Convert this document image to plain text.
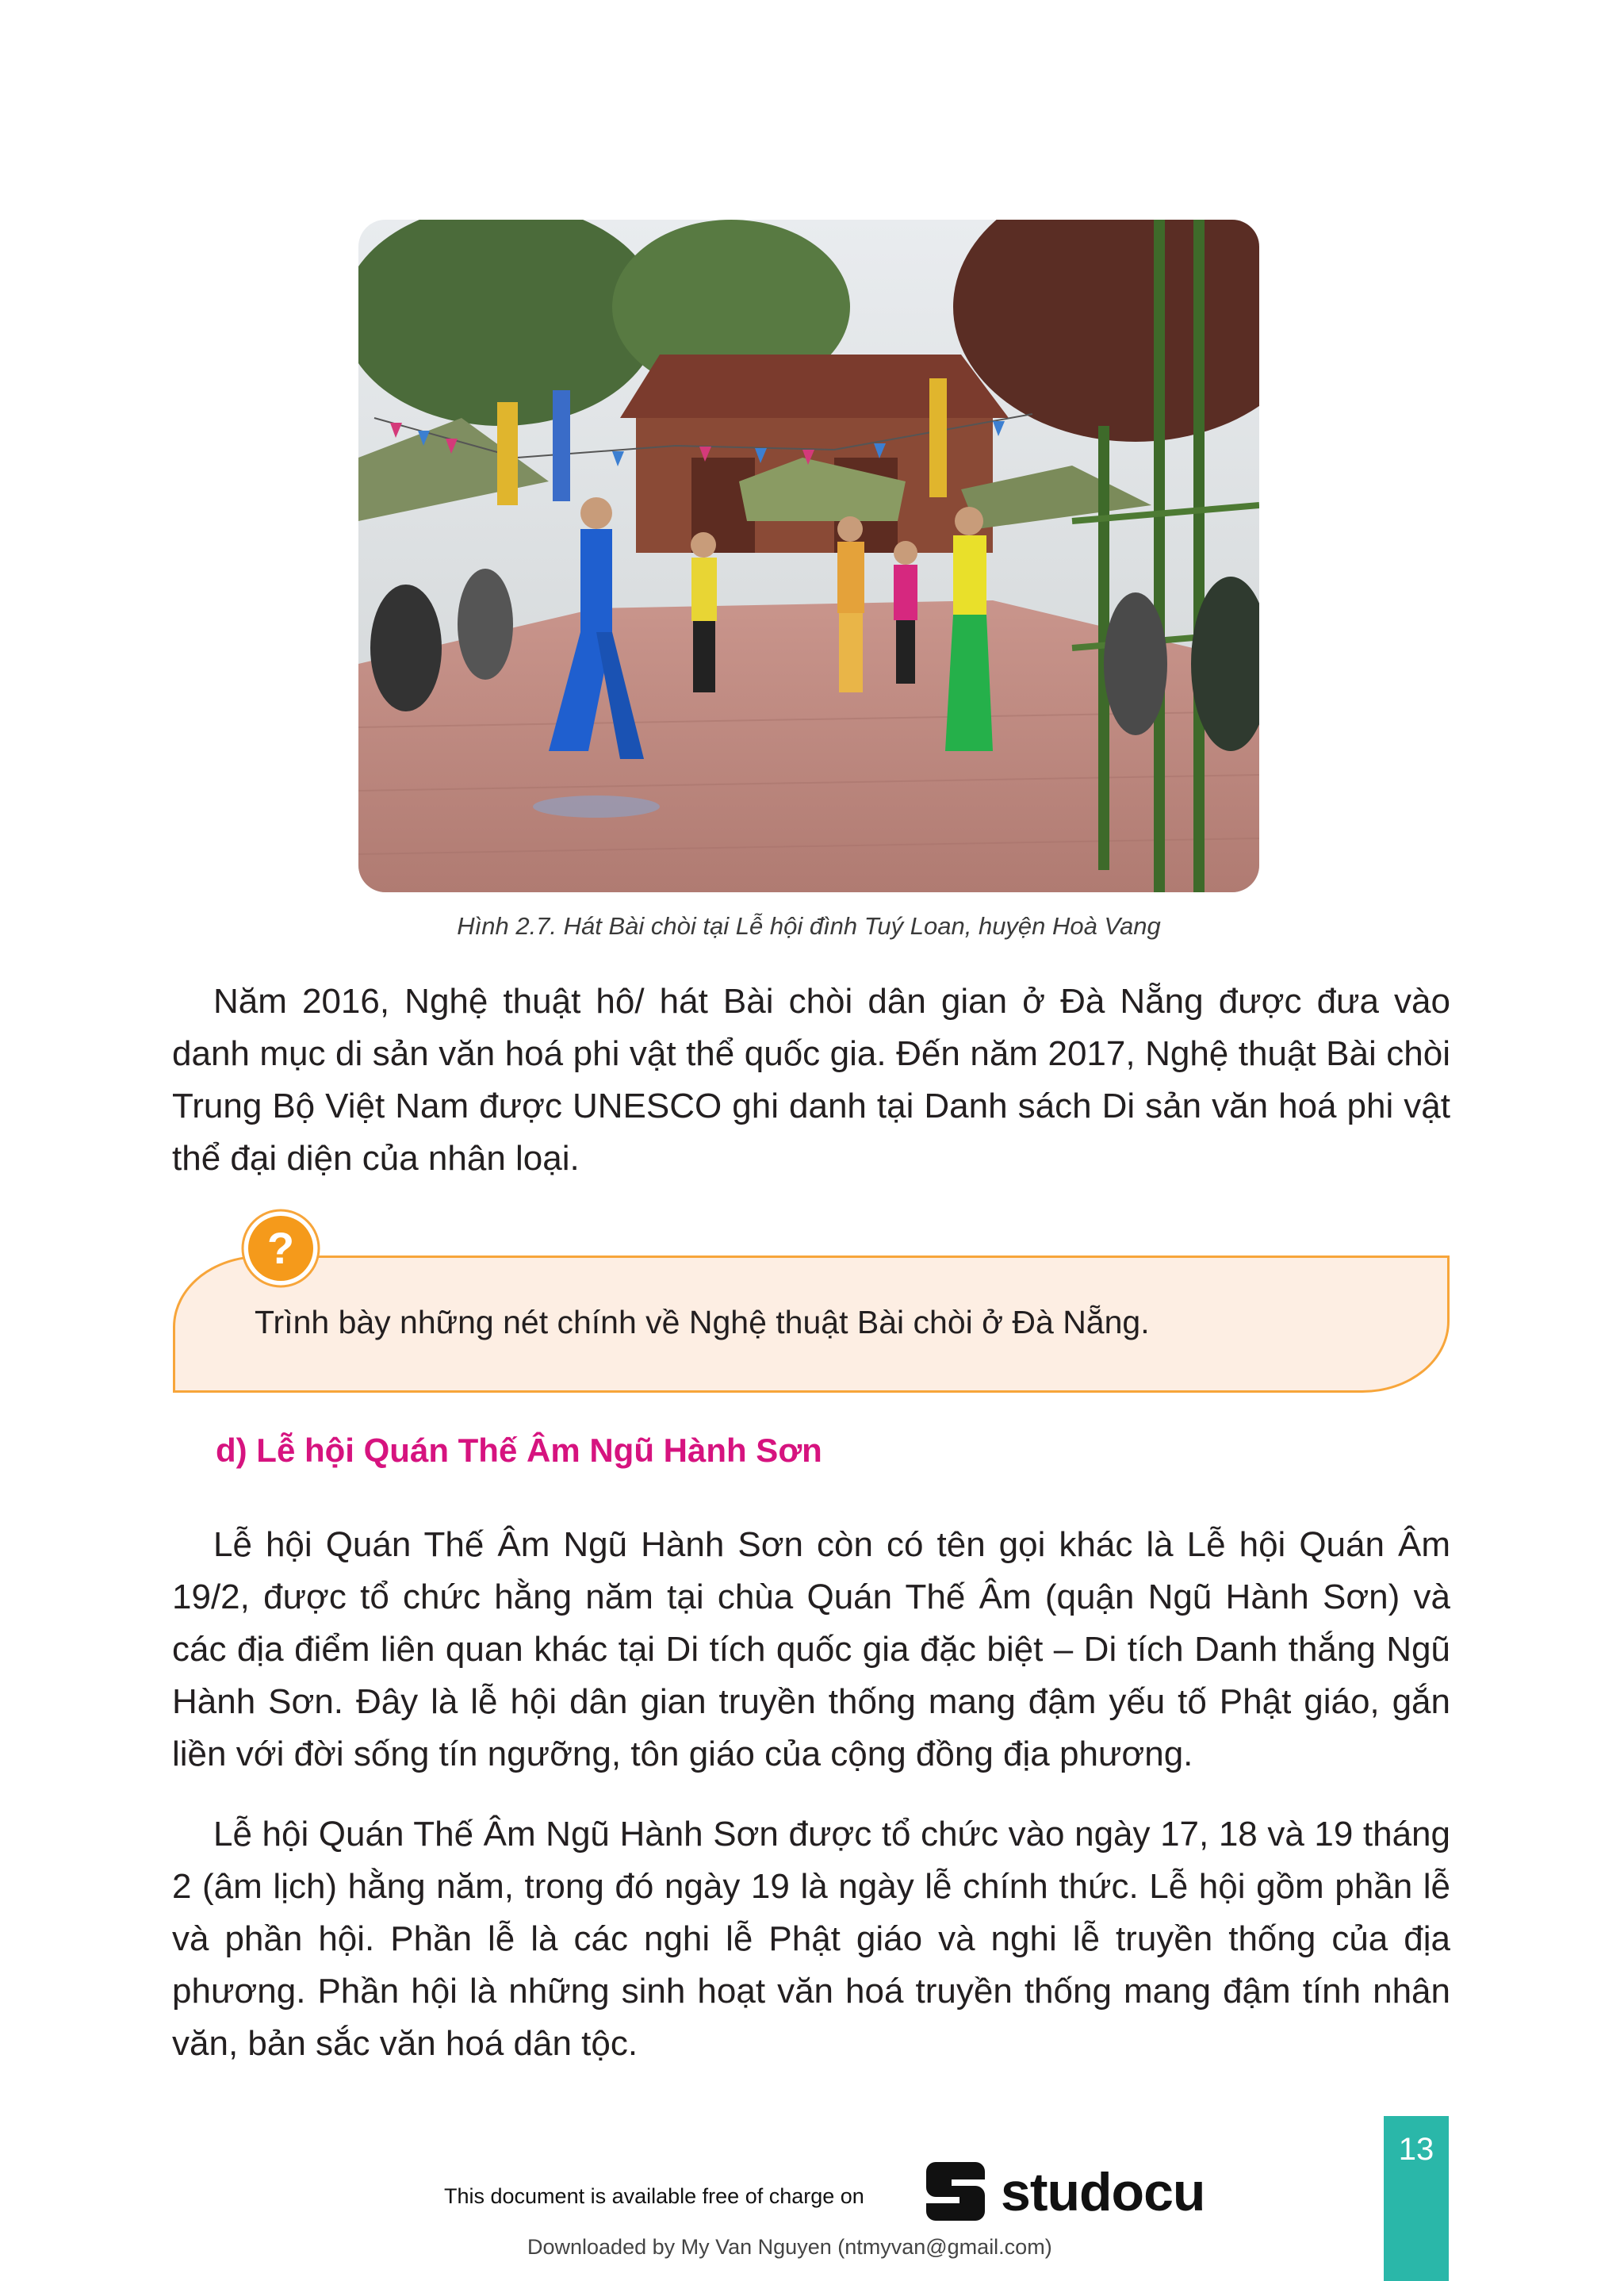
Hình 2.7. Hát Bài chòi tại Lễ hội đình Tuý Loan, huyện Hoà Vang

Năm 2016, Nghệ thuật hô/ hát Bài chòi dân gian ở Đà Nẵng được đưa vào danh mục di sản văn hoá phi vật thể quốc gia. Đến năm 2017, Nghệ thuật Bài chòi Trung Bộ Việt Nam được UNESCO ghi danh tại Danh sách Di sản văn hoá phi vật thể đại diện của nhân loại.

Trình bày những nét chính về Nghệ thuật Bài chòi ở Đà Nẵng.
?
d) Lễ hội Quán Thế Âm Ngũ Hành Sơn

Lễ hội Quán Thế Âm Ngũ Hành Sơn còn có tên gọi khác là Lễ hội Quán Âm 19/2, được tổ chức hằng năm tại chùa Quán Thế Âm (quận Ngũ Hành Sơn) và các địa điểm liên quan khác tại Di tích quốc gia đặc biệt – Di tích Danh thắng Ngũ Hành Sơn. Đây là lễ hội dân gian truyền thống mang đậm yếu tố Phật giáo, gắn liền với đời sống tín ngưỡng, tôn giáo của cộng đồng địa phương.

Lễ hội Quán Thế Âm Ngũ Hành Sơn được tổ chức vào ngày 17, 18 và 19 tháng 2 (âm lịch) hằng năm, trong đó ngày 19 là ngày lễ chính thức. Lễ hội gồm phần lễ và phần hội. Phần lễ là các nghi lễ Phật giáo và nghi lễ truyền thống của địa phương. Phần hội là những sinh hoạt văn hoá truyền thống mang đậm tính nhân văn, bản sắc văn hoá dân tộc.

13
This document is available free of charge on	studocu
Downloaded by My Van Nguyen (ntmyvan@gmail.com)
